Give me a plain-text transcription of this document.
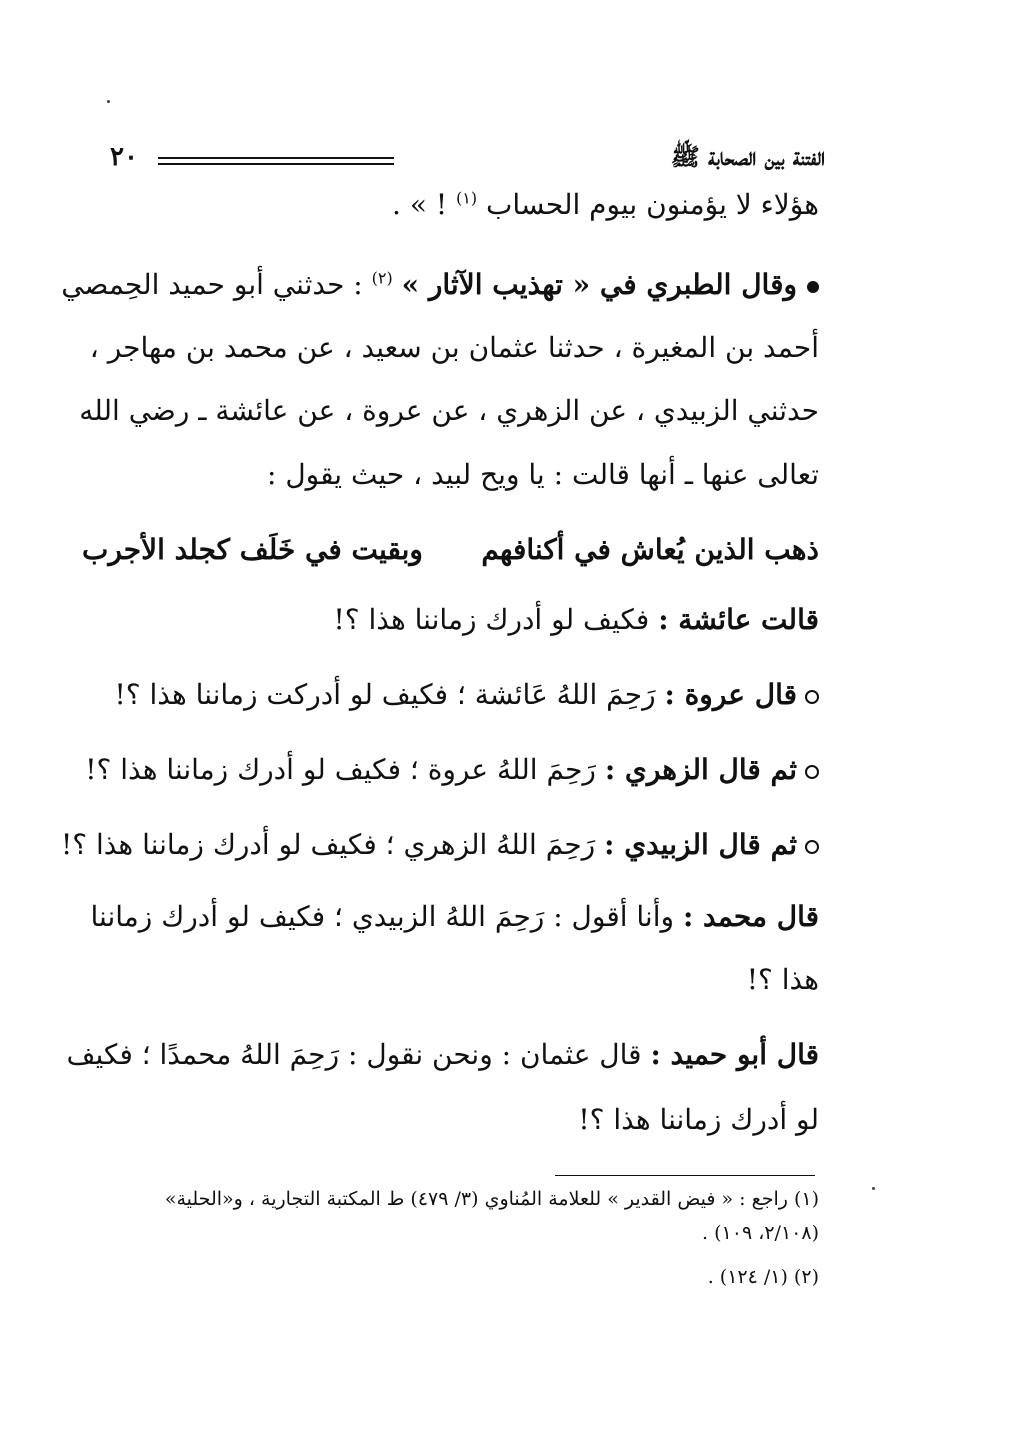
٢٠	الفتنة بين الصحابة ﷺ
هؤلاء لا يؤمنون بيوم الحساب $^{(١)}$ ! » .
وقال الطبري في « تهذيب الآثار » $^{(٢)}$ : حدثني أبو حميد الحِمصي
أحمد بن المغيرة ، حدثنا عثمان بن سعيد ، عن محمد بن مهاجر ،
حدثني الزبيدي ، عن الزهري ، عن عروة ، عن عائشة ـ رضي الله
تعالى عنها ـ أنها قالت : يا ويح لبيد ، حيث يقول :
ذهب الذين يُعاش في أكنافهم      وبقيت في خَلَف كجلد الأجرب
قالت عائشة : فكيف لو أدرك زماننا هذا ؟!
قال عروة : رَحِمَ اللهُ عَائشة ؛ فكيف لو أدركت زماننا هذا ؟!
ثم قال الزهري : رَحِمَ اللهُ عروة ؛ فكيف لو أدرك زماننا هذا ؟!
ثم قال الزبيدي : رَحِمَ اللهُ الزهري ؛ فكيف لو أدرك زماننا هذا ؟!
قال محمد : وأنا أقول : رَحِمَ اللهُ الزبيدي ؛ فكيف لو أدرك زماننا
هذا ؟!
قال أبو حميد : قال عثمان : ونحن نقول : رَحِمَ اللهُ محمدًا ؛ فكيف
لو أدرك زماننا هذا ؟!
(١) راجع : « فيض القدير » للعلامة المُناوي (٣/ ٤٧٩) ط المكتبة التجارية ، و«الحلية»
(٢/١٠٨، ١٠٩) .
(٢) (١/ ١٢٤) .
